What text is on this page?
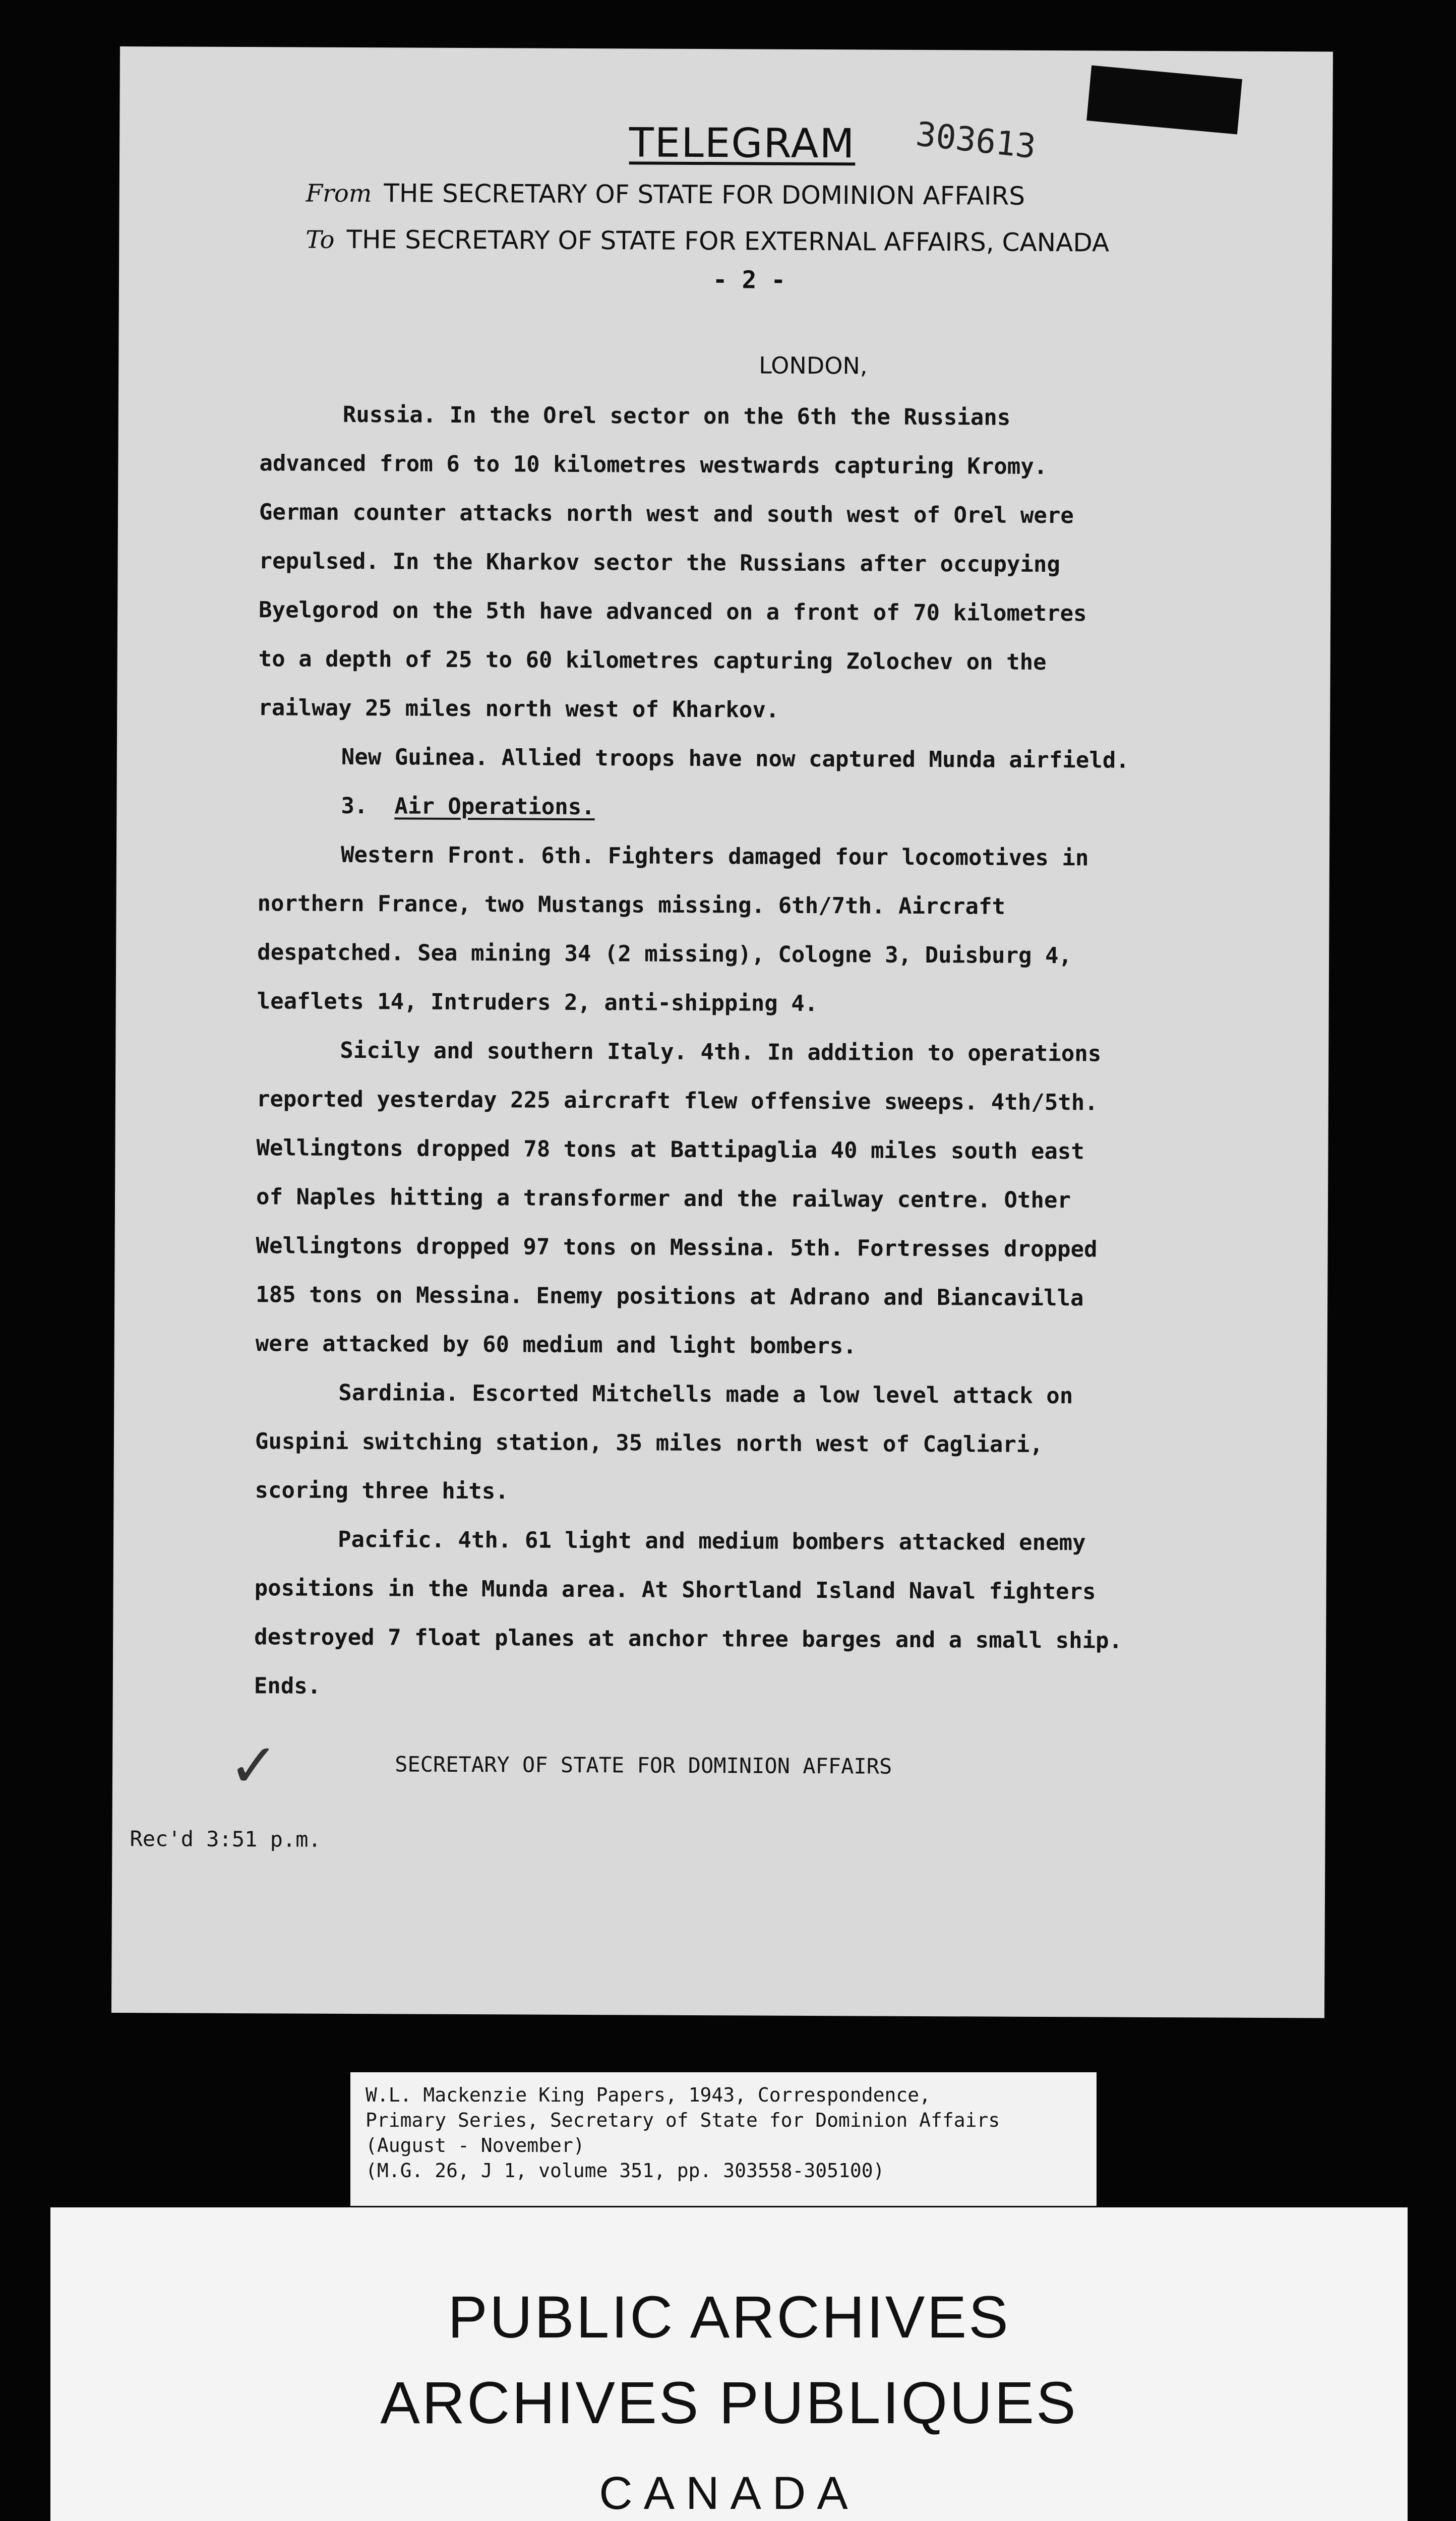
TELEGRAM	303613
From THE SECRETARY OF STATE FOR DOMINION AFFAIRS
To THE SECRETARY OF STATE FOR EXTERNAL AFFAIRS, CANADA
- 2 -
LONDON,
Russia. In the Orel sector on the 6th the Russians
advanced from 6 to 10 kilometres westwards capturing Kromy.
German counter attacks north west and south west of Orel were
repulsed. In the Kharkov sector the Russians after occupying
Byelgorod on the 5th have advanced on a front of 70 kilometres
to a depth of 25 to 60 kilometres capturing Zolochev on the
railway 25 miles north west of Kharkov.
New Guinea. Allied troops have now captured Munda airfield.
3. Air Operations.
Western Front. 6th. Fighters damaged four locomotives in
northern France, two Mustangs missing. 6th/7th. Aircraft
despatched. Sea mining 34 (2 missing), Cologne 3, Duisburg 4,
leaflets 14, Intruders 2, anti-shipping 4.
Sicily and southern Italy. 4th. In addition to operations
reported yesterday 225 aircraft flew offensive sweeps. 4th/5th.
Wellingtons dropped 78 tons at Battipaglia 40 miles south east
of Naples hitting a transformer and the railway centre. Other
Wellingtons dropped 97 tons on Messina. 5th. Fortresses dropped
185 tons on Messina. Enemy positions at Adrano and Biancavilla
were attacked by 60 medium and light bombers.
Sardinia. Escorted Mitchells made a low level attack on
Guspini switching station, 35 miles north west of Cagliari,
scoring three hits.
Pacific. 4th. 61 light and medium bombers attacked enemy
positions in the Munda area. At Shortland Island Naval fighters
destroyed 7 float planes at anchor three barges and a small ship.
Ends.
✓	SECRETARY OF STATE FOR DOMINION AFFAIRS
Rec'd 3:51 p.m.
W.L. Mackenzie King Papers, 1943, Correspondence,
Primary Series, Secretary of State for Dominion Affairs
(August - November)
(M.G. 26, J 1, volume 351, pp. 303558-305100)
PUBLIC ARCHIVES
ARCHIVES PUBLIQUES
CANADA
